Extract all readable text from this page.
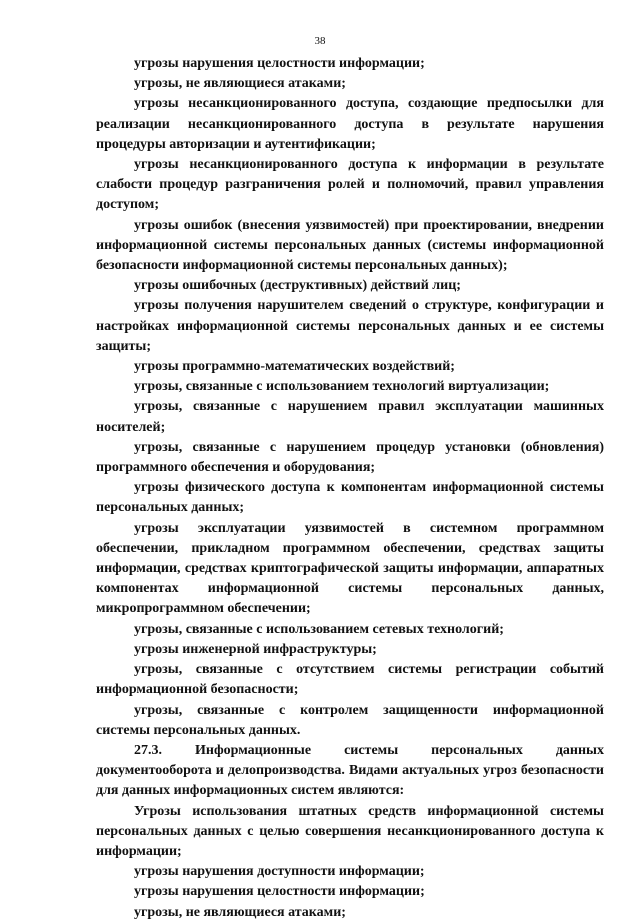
38

угрозы нарушения целостности информации;

угрозы, не являющиеся атаками;

угрозы несанкционированного доступа, создающие предпосылки для реализации несанкционированного доступа в результате нарушения процедуры авторизации и аутентификации;

угрозы несанкционированного доступа к информации в результате слабости процедур разграничения ролей и полномочий, правил управления доступом;

угрозы ошибок (внесения уязвимостей) при проектировании, внедрении информационной системы персональных данных (системы информационной безопасности информационной системы персональных данных);

угрозы ошибочных (деструктивных) действий лиц;

угрозы получения нарушителем сведений о структуре, конфигурации и настройках информационной системы персональных данных и ее системы защиты;

угрозы программно-математических воздействий;

угрозы, связанные с использованием технологий виртуализации;

угрозы, связанные с нарушением правил эксплуатации машинных носителей;

угрозы, связанные с нарушением процедур установки (обновления) программного обеспечения и оборудования;

угрозы физического доступа к компонентам информационной системы персональных данных;

угрозы эксплуатации уязвимостей в системном программном обеспечении, прикладном программном обеспечении, средствах защиты информации, средствах криптографической защиты информации, аппаратных компонентах информационной системы персональных данных, микропрограммном обеспечении;

угрозы, связанные с использованием сетевых технологий;

угрозы инженерной инфраструктуры;

угрозы, связанные с отсутствием системы регистрации событий информационной безопасности;

угрозы, связанные с контролем защищенности информационной системы персональных данных.

27.3. Информационные системы персональных данных документооборота и делопроизводства. Видами актуальных угроз безопасности для данных информационных систем являются:

Угрозы использования штатных средств информационной системы персональных данных с целью совершения несанкционированного доступа к информации;

угрозы нарушения доступности информации;

угрозы нарушения целостности информации;

угрозы, не являющиеся атаками;
